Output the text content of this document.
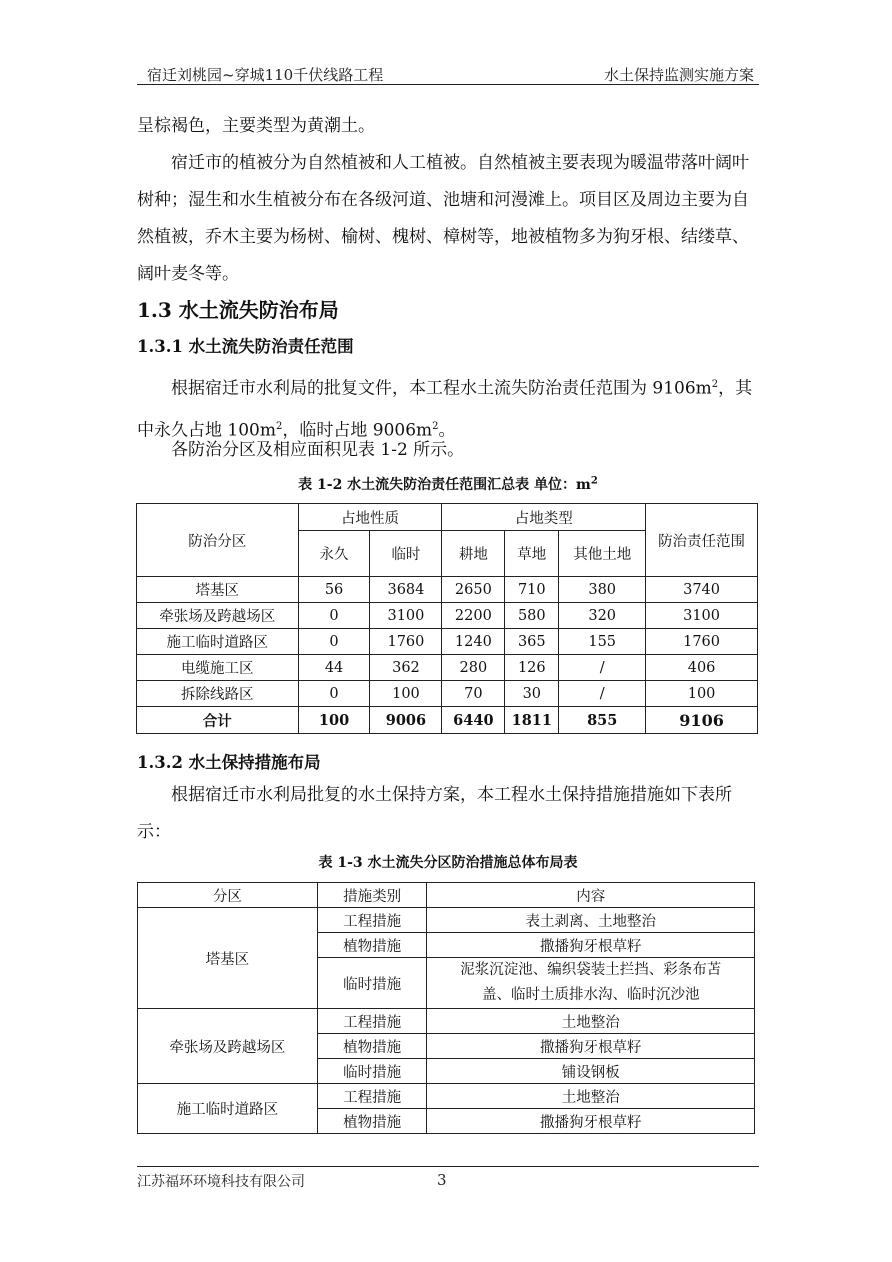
宿迁刘桃园~穿城110千伏线路工程	水土保持监测实施方案
呈棕褐色，主要类型为黄潮土。
宿迁市的植被分为自然植被和人工植被。自然植被主要表现为暖温带落叶阔叶树种；湿生和水生植被分布在各级河道、池塘和河漫滩上。项目区及周边主要为自然植被，乔木主要为杨树、榆树、槐树、樟树等，地被植物多为狗牙根、结缕草、阔叶麦冬等。
1.3 水土流失防治布局
1.3.1 水土流失防治责任范围
根据宿迁市水利局的批复文件，本工程水土流失防治责任范围为 $9106m^2$，其中永久占地 $100m^2$，临时占地 $9006m^2$。
各防治分区及相应面积见表 1-2 所示。
表 1-2 水土流失防治责任范围汇总表 单位：$m^2$
防治分区	占地性质		占地类型			防治责任范围
	永久	临时	耕地	草地	其他土地	
塔基区	56	3684	2650	710	380	3740
牵张场及跨越场区	0	3100	2200	580	320	3100
施工临时道路区	0	1760	1240	365	155	1760
电缆施工区	44	362	280	126	/	406
拆除线路区	0	100	70	30	/	100
合计	100	9006	6440	1811	855	9106
1.3.2 水土保持措施布局
根据宿迁市水利局批复的水土保持方案，本工程水土保持措施措施如下表所示：
表 1-3 水土流失分区防治措施总体布局表
分区	措施类别	内容
塔基区	工程措施	表土剥离、土地整治
	植物措施	撒播狗牙根草籽
	临时措施	泥浆沉淀池、编织袋装土拦挡、彩条布苫盖、临时土质排水沟、临时沉沙池
牵张场及跨越场区	工程措施	土地整治
	植物措施	撒播狗牙根草籽
	临时措施	铺设钢板
施工临时道路区	工程措施	土地整治
	植物措施	撒播狗牙根草籽
江苏福环环境科技有限公司	3
